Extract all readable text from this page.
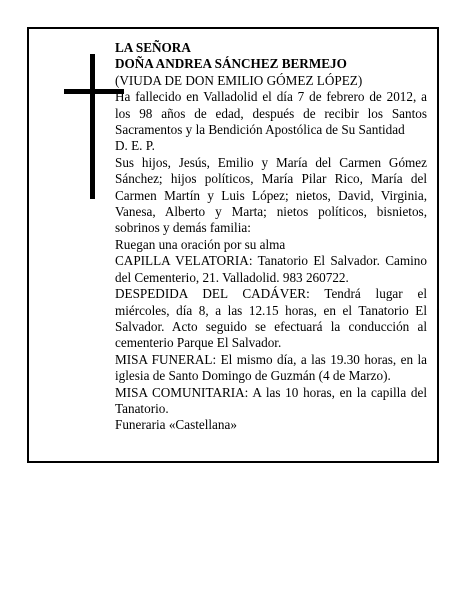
LA SEÑORA

DOÑA ANDREA SÁNCHEZ BERMEJO

(VIUDA DE DON EMILIO GÓMEZ LÓPEZ)

Ha fallecido en Valladolid el día 7 de febrero de 2012, a los 98 años de edad, después de recibir los Santos Sacramentos y la Bendición Apostólica de Su Santidad

D. E. P.

Sus hijos, Jesús, Emilio y María del Carmen Gómez Sánchez; hijos políticos, María Pilar Rico, María del Carmen Martín y Luis López; nietos, David, Virginia, Vanesa, Alberto y Marta; nietos políticos, bisnietos, sobrinos y demás familia:

Ruegan una oración por su alma

CAPILLA VELATORIA: Tanatorio El Salvador. Camino del Cementerio, 21. Valladolid. 983 260722.

DESPEDIDA DEL CADÁVER: Tendrá lugar el miércoles, día 8, a las 12.15 horas, en el Tanatorio El Salvador. Acto seguido se efectuará la conducción al cementerio Parque El Salvador.

MISA FUNERAL: El mismo día, a las 19.30 horas, en la iglesia de Santo Domingo de Guzmán (4 de Marzo).

MISA COMUNITARIA: A las 10 horas, en la capilla del Tanatorio.

Funeraria «Castellana»
